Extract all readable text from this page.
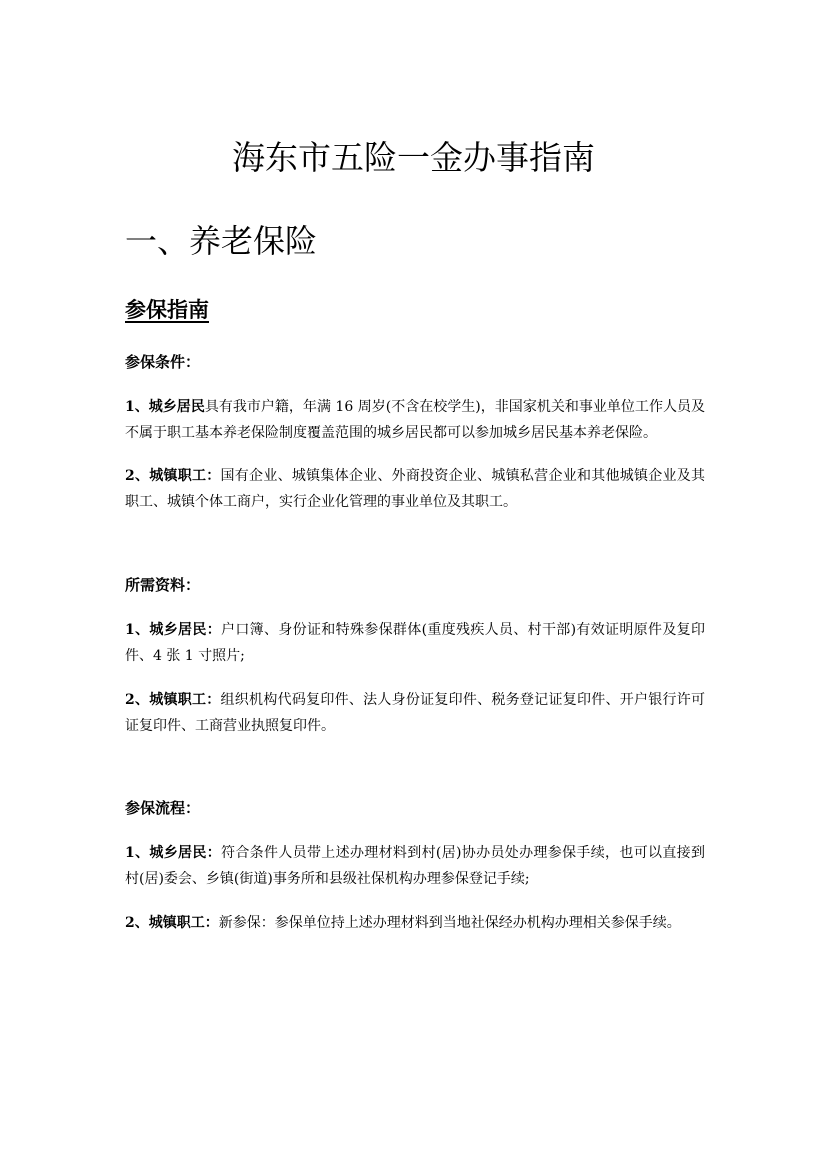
海东市五险一金办事指南
一、养老保险
参保指南

参保条件：

1、城乡居民具有我市户籍，年满 16 周岁(不含在校学生)，非国家机关和事业单位工作人员及不属于职工基本养老保险制度覆盖范围的城乡居民都可以参加城乡居民基本养老保险。

2、城镇职工：国有企业、城镇集体企业、外商投资企业、城镇私营企业和其他城镇企业及其职工、城镇个体工商户，实行企业化管理的事业单位及其职工。

所需资料：

1、城乡居民：户口簿、身份证和特殊参保群体(重度残疾人员、村干部)有效证明原件及复印件、4 张 1 寸照片;

2、城镇职工：组织机构代码复印件、法人身份证复印件、税务登记证复印件、开户银行许可证复印件、工商营业执照复印件。

参保流程：

1、城乡居民：符合条件人员带上述办理材料到村(居)协办员处办理参保手续，也可以直接到村(居)委会、乡镇(街道)事务所和县级社保机构办理参保登记手续;

2、城镇职工：新参保：参保单位持上述办理材料到当地社保经办机构办理相关参保手续。
